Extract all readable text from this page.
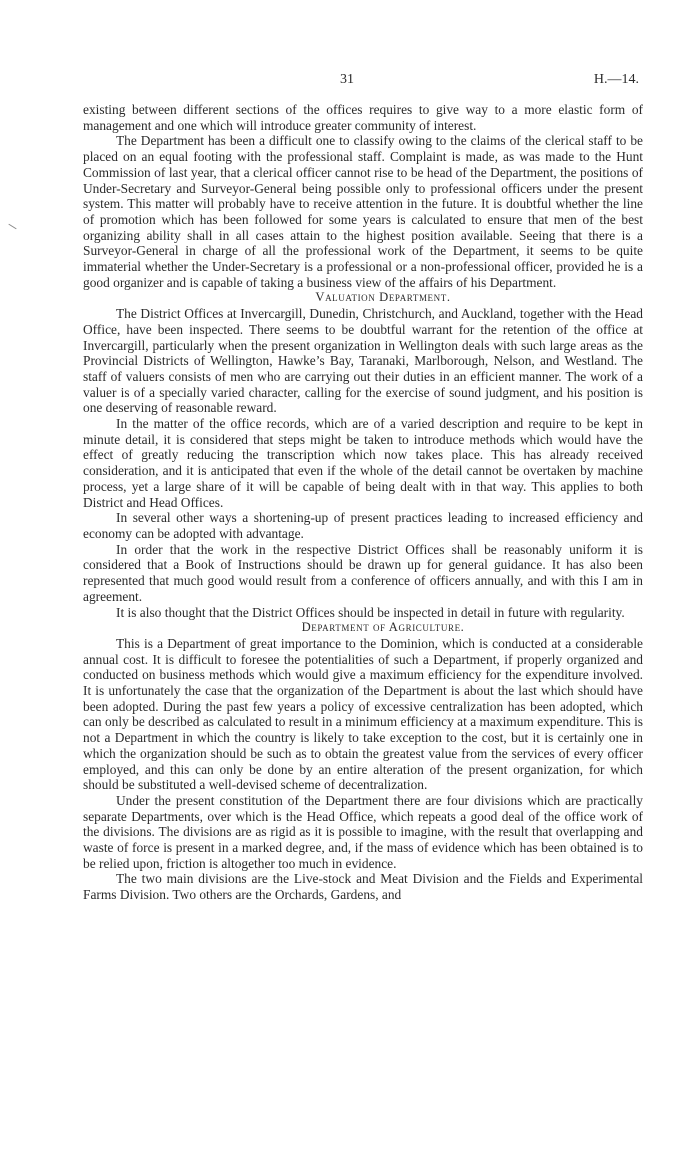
31	H.—14.

existing between different sections of the offices requires to give way to a more elastic form of management and one which will introduce greater community of interest.

The Department has been a difficult one to classify owing to the claims of the clerical staff to be placed on an equal footing with the professional staff. Complaint is made, as was made to the Hunt Commission of last year, that a clerical officer cannot rise to be head of the Department, the positions of Under-Secretary and Surveyor-General being possible only to professional officers under the present system. This matter will probably have to receive attention in the future. It is doubtful whether the line of promotion which has been followed for some years is calculated to ensure that men of the best organizing ability shall in all cases attain to the highest position available. Seeing that there is a Surveyor-General in charge of all the professional work of the Department, it seems to be quite immaterial whether the Under-Secretary is a professional or a non-professional officer, provided he is a good organizer and is capable of taking a business view of the affairs of his Department.

Valuation Department.

The District Offices at Invercargill, Dunedin, Christchurch, and Auckland, together with the Head Office, have been inspected. There seems to be doubtful warrant for the retention of the office at Invercargill, particularly when the present organization in Wellington deals with such large areas as the Provincial Districts of Wellington, Hawke’s Bay, Taranaki, Marlborough, Nelson, and Westland. The staff of valuers consists of men who are carrying out their duties in an efficient manner. The work of a valuer is of a specially varied character, calling for the exercise of sound judgment, and his position is one deserving of reasonable reward.

In the matter of the office records, which are of a varied description and require to be kept in minute detail, it is considered that steps might be taken to introduce methods which would have the effect of greatly reducing the transcription which now takes place. This has already received consideration, and it is anticipated that even if the whole of the detail cannot be overtaken by machine process, yet a large share of it will be capable of being dealt with in that way. This applies to both District and Head Offices.

In several other ways a shortening-up of present practices leading to increased efficiency and economy can be adopted with advantage.

In order that the work in the respective District Offices shall be reasonably uniform it is considered that a Book of Instructions should be drawn up for general guidance. It has also been represented that much good would result from a conference of officers annually, and with this I am in agreement.

It is also thought that the District Offices should be inspected in detail in future with regularity.

Department of Agriculture.

This is a Department of great importance to the Dominion, which is conducted at a considerable annual cost. It is difficult to foresee the potentialities of such a Department, if properly organized and conducted on business methods which would give a maximum efficiency for the expenditure involved. It is unfortunately the case that the organization of the Department is about the last which should have been adopted. During the past few years a policy of excessive centralization has been adopted, which can only be described as calculated to result in a minimum efficiency at a maximum expenditure. This is not a Department in which the country is likely to take exception to the cost, but it is certainly one in which the organization should be such as to obtain the greatest value from the services of every officer employed, and this can only be done by an entire alteration of the present organization, for which should be substituted a well-devised scheme of decentralization.

Under the present constitution of the Department there are four divisions which are practically separate Departments, over which is the Head Office, which repeats a good deal of the office work of the divisions. The divisions are as rigid as it is possible to imagine, with the result that overlapping and waste of force is present in a marked degree, and, if the mass of evidence which has been obtained is to be relied upon, friction is altogether too much in evidence.

The two main divisions are the Live-stock and Meat Division and the Fields and Experimental Farms Division. Two others are the Orchards, Gardens, and
